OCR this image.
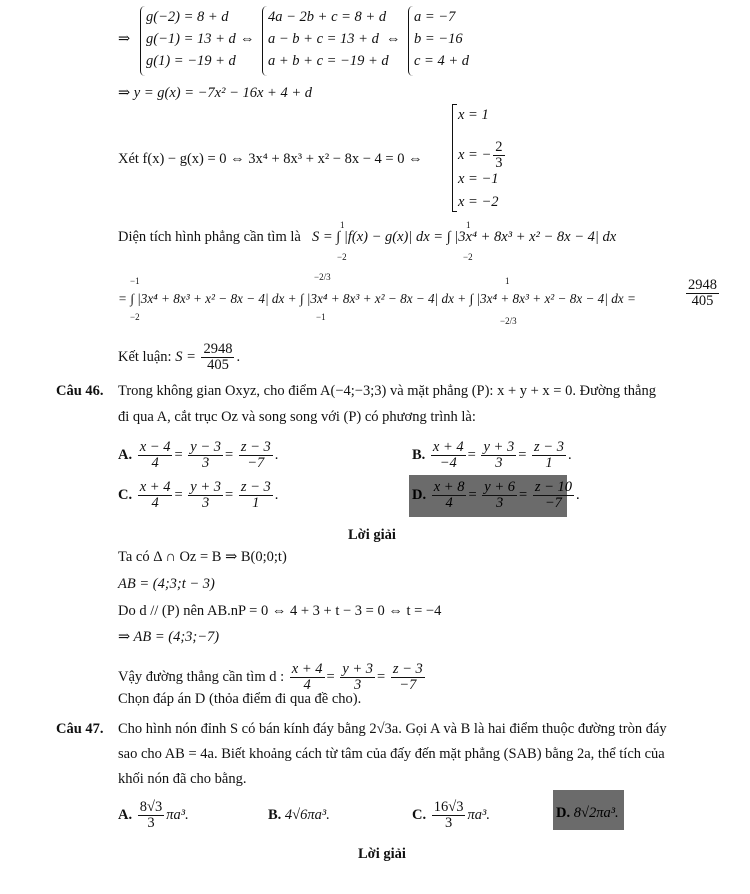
⇒
g(−2) = 8 + d
g(−1) = 13 + d
g(1) = −19 + d
⇔
4a − 2b + c = 8 + d
a − b + c = 13 + d
a + b + c = −19 + d
⇔
a = −7
b = −16
c = 4 + d
⇒ y = g(x) = −7x² − 16x + 4 + d
Xét f(x) − g(x) = 0 ⇔ 3x⁴ + 8x³ + x² − 8x − 4 = 0 ⇔
x = 1
x = − $\frac{2}{3}$
x = −1
x = −2
Diện tích hình phẳng cần tìm là S = ∫ |f(x) − g(x)| dx = ∫ |3x⁴ + 8x³ + x² − 8x − 4| dx
1
−2
1
−2
= ∫ |3x⁴ + 8x³ + x² − 8x − 4| dx + ∫ |3x⁴ + 8x³ + x² − 8x − 4| dx + ∫ |3x⁴ + 8x³ + x² − 8x − 4| dx =
2948
405
−1
−2
−2/3
−1
1
−2/3
Kết luận: $S = \frac{2948}{405}$ .
Câu 46. Trong không gian Oxyz, cho điểm A(−4;−3;3) và mặt phẳng (P): x + y + x = 0. Đường thẳng
đi qua A, cắt trục Oz và song song với (P) có phương trình là:
A. $\frac{x - 4}{4} = \frac{y - 3}{3} = \frac{z - 3}{-7}$ .	B. $\frac{x + 4}{-4} = \frac{y + 3}{3} = \frac{z - 3}{1}$ .
C. $\frac{x + 4}{4} = \frac{y + 3}{3} = \frac{z - 3}{1}$ .	D. $\frac{x + 8}{4} = \frac{y + 6}{3} = \frac{z - 10}{-7}$ .
Lời giải
Ta có Δ ∩ Oz = B ⇒ B(0;0;t)
AB = (4;3;t − 3)
Do d // (P) nên AB.nP = 0 ⇔ 4 + 3 + t − 3 = 0 ⇔ t = −4
⇒ AB = (4;3;−7)
Vậy đường thẳng cần tìm d : $\frac{x + 4}{4} = \frac{y + 3}{3} = \frac{z - 3}{-7}$
Chọn đáp án D (thỏa điểm đi qua đề cho).
Câu 47. Cho hình nón đỉnh S có bán kính đáy bằng 2√3a. Gọi A và B là hai điểm thuộc đường tròn đáy
sao cho AB = 4a. Biết khoảng cách từ tâm của đấy đến mặt phẳng (SAB) bằng 2a, thể tích của
khối nón đã cho bằng.
A. $\frac{8√3}{3} \pi a^3$.	B. 4√6πa³.	C. $\frac{16√3}{3} \pi a^3$.	D. 8√2πa³.
Lời giải
